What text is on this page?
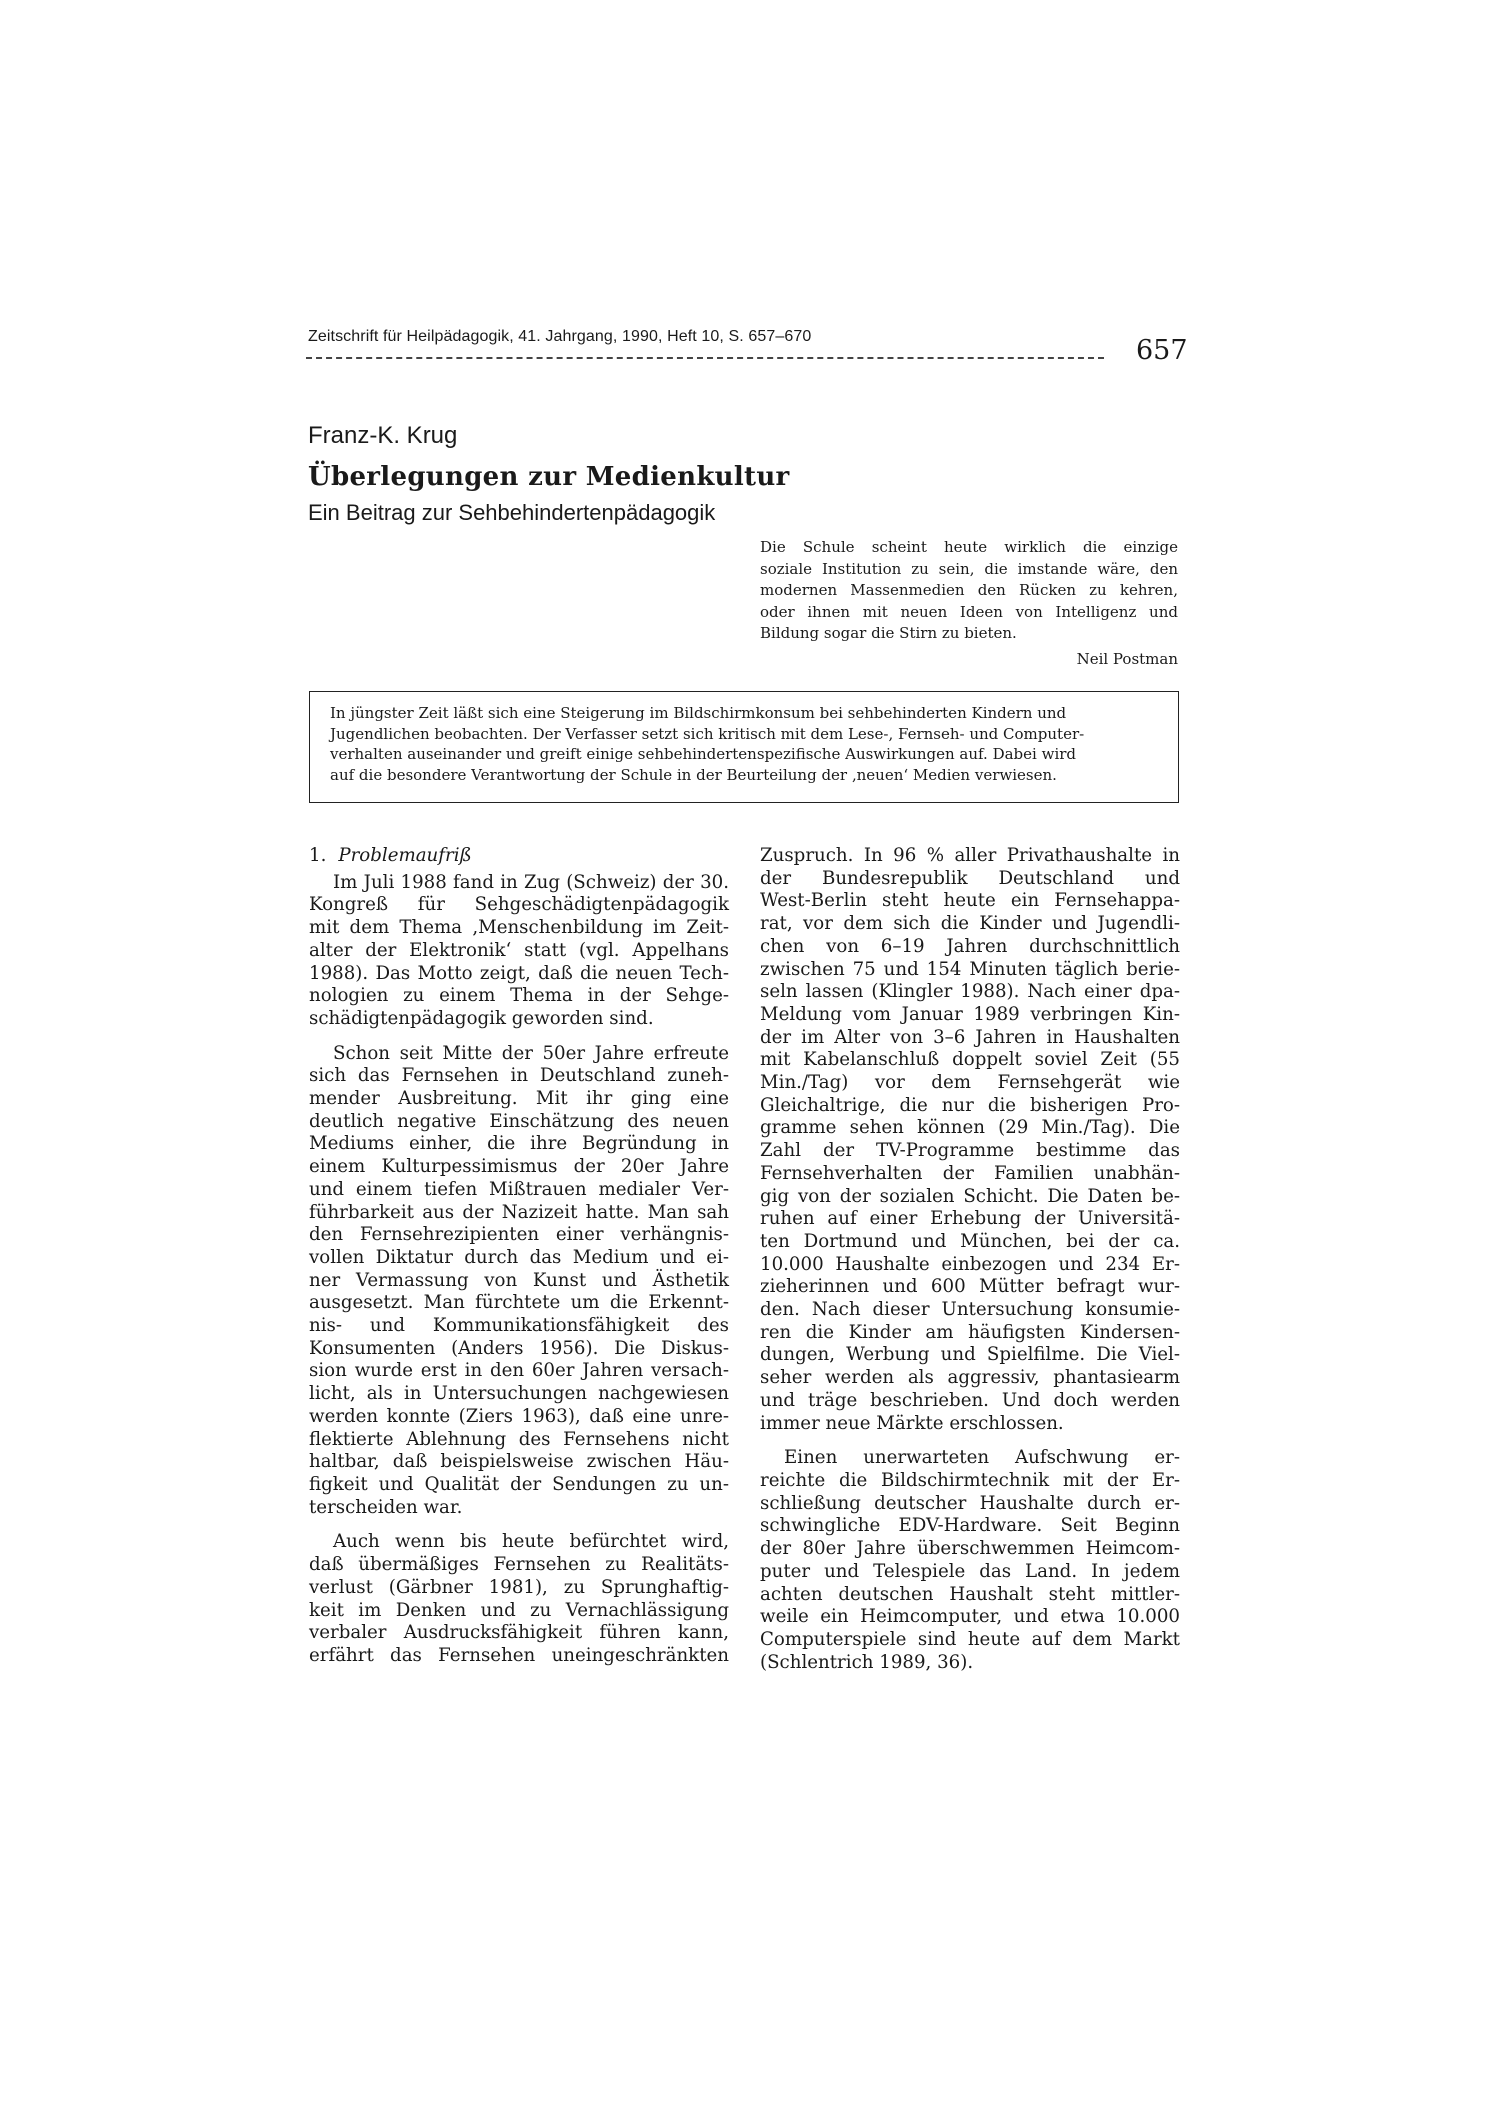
Zeitschrift für Heilpädagogik, 41. Jahrgang, 1990, Heft 10, S. 657–670	657
Franz-K. Krug
Überlegungen zur Medienkultur
Ein Beitrag zur Sehbehindertenpädagogik
Die Schule scheint heute wirklich die einzige
soziale Institution zu sein, die imstande wäre, den
modernen Massenmedien den Rücken zu kehren,
oder ihnen mit neuen Ideen von Intelligenz und
Bildung sogar die Stirn zu bieten.
Neil Postman
In jüngster Zeit läßt sich eine Steigerung im Bildschirmkonsum bei sehbehinderten Kindern und
Jugendlichen beobachten. Der Verfasser setzt sich kritisch mit dem Lese-, Fernseh- und Computer-
verhalten auseinander und greift einige sehbehindertenspezifische Auswirkungen auf. Dabei wird
auf die besondere Verantwortung der Schule in der Beurteilung der ‚neuen‘ Medien verwiesen.
1. Problemaufriß
Im Juli 1988 fand in Zug (Schweiz) der 30.
Kongreß für Sehgeschädigtenpädagogik
mit dem Thema ‚Menschenbildung im Zeit-
alter der Elektronik‘ statt (vgl. Appelhans
1988). Das Motto zeigt, daß die neuen Tech-
nologien zu einem Thema in der Sehge-
schädigtenpädagogik geworden sind.
Schon seit Mitte der 50er Jahre erfreute
sich das Fernsehen in Deutschland zuneh-
mender Ausbreitung. Mit ihr ging eine
deutlich negative Einschätzung des neuen
Mediums einher, die ihre Begründung in
einem Kulturpessimismus der 20er Jahre
und einem tiefen Mißtrauen medialer Ver-
führbarkeit aus der Nazizeit hatte. Man sah
den Fernsehrezipienten einer verhängnis-
vollen Diktatur durch das Medium und ei-
ner Vermassung von Kunst und Ästhetik
ausgesetzt. Man fürchtete um die Erkennt-
nis- und Kommunikationsfähigkeit des
Konsumenten (Anders 1956). Die Diskus-
sion wurde erst in den 60er Jahren versach-
licht, als in Untersuchungen nachgewiesen
werden konnte (Ziers 1963), daß eine unre-
flektierte Ablehnung des Fernsehens nicht
haltbar, daß beispielsweise zwischen Häu-
figkeit und Qualität der Sendungen zu un-
terscheiden war.
Auch wenn bis heute befürchtet wird,
daß übermäßiges Fernsehen zu Realitäts-
verlust (Gärbner 1981), zu Sprunghaftig-
keit im Denken und zu Vernachlässigung
verbaler Ausdrucksfähigkeit führen kann,
erfährt das Fernsehen uneingeschränkten
Zuspruch. In 96 % aller Privathaushalte in
der Bundesrepublik Deutschland und
West-Berlin steht heute ein Fernsehappa-
rat, vor dem sich die Kinder und Jugendli-
chen von 6–19 Jahren durchschnittlich
zwischen 75 und 154 Minuten täglich berie-
seln lassen (Klingler 1988). Nach einer dpa-
Meldung vom Januar 1989 verbringen Kin-
der im Alter von 3–6 Jahren in Haushalten
mit Kabelanschluß doppelt soviel Zeit (55
Min./Tag) vor dem Fernsehgerät wie
Gleichaltrige, die nur die bisherigen Pro-
gramme sehen können (29 Min./Tag). Die
Zahl der TV-Programme bestimme das
Fernsehverhalten der Familien unabhän-
gig von der sozialen Schicht. Die Daten be-
ruhen auf einer Erhebung der Universitä-
ten Dortmund und München, bei der ca.
10.000 Haushalte einbezogen und 234 Er-
zieherinnen und 600 Mütter befragt wur-
den. Nach dieser Untersuchung konsumie-
ren die Kinder am häufigsten Kindersen-
dungen, Werbung und Spielfilme. Die Viel-
seher werden als aggressiv, phantasiearm
und träge beschrieben. Und doch werden
immer neue Märkte erschlossen.
Einen unerwarteten Aufschwung er-
reichte die Bildschirmtechnik mit der Er-
schließung deutscher Haushalte durch er-
schwingliche EDV-Hardware. Seit Beginn
der 80er Jahre überschwemmen Heimcom-
puter und Telespiele das Land. In jedem
achten deutschen Haushalt steht mittler-
weile ein Heimcomputer, und etwa 10.000
Computerspiele sind heute auf dem Markt
(Schlentrich 1989, 36).
